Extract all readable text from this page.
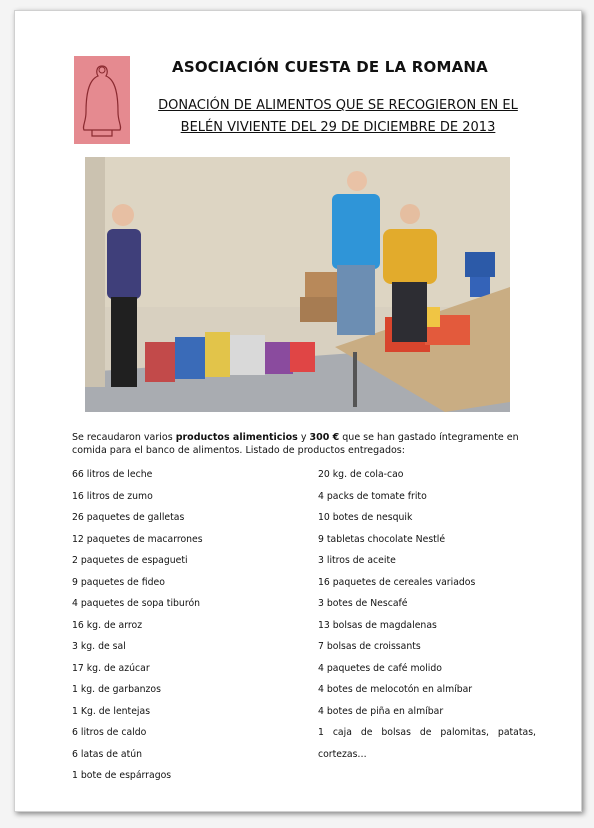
ASOCIACIÓN CUESTA DE LA ROMANA
DONACIÓN DE ALIMENTOS QUE SE RECOGIERON EN EL
BELÉN VIVIENTE DEL 29 DE DICIEMBRE DE 2013
Se recaudaron varios productos alimenticios y 300 € que se han gastado íntegramente en comida para el banco de alimentos. Listado de productos entregados:
66 litros de leche
16 litros de zumo
26 paquetes de galletas
12 paquetes de macarrones
2 paquetes de espagueti
9 paquetes de fideo
4 paquetes de sopa tiburón
16 kg. de arroz
3 kg. de sal
17 kg. de azúcar
1 kg. de garbanzos
1 Kg. de lentejas
6 litros de caldo
6 latas de atún
1 bote de espárragos
20 kg. de cola-cao
4 packs de tomate frito
10 botes de nesquik
9 tabletas chocolate Nestlé
3 litros de aceite
16 paquetes de cereales variados
3 botes de Nescafé
13 bolsas de magdalenas
7 bolsas de croissants
4 paquetes de café molido
4 botes de melocotón en almíbar
4 botes de piña en almíbar
1 caja de bolsas de palomitas, patatas, cortezas…
